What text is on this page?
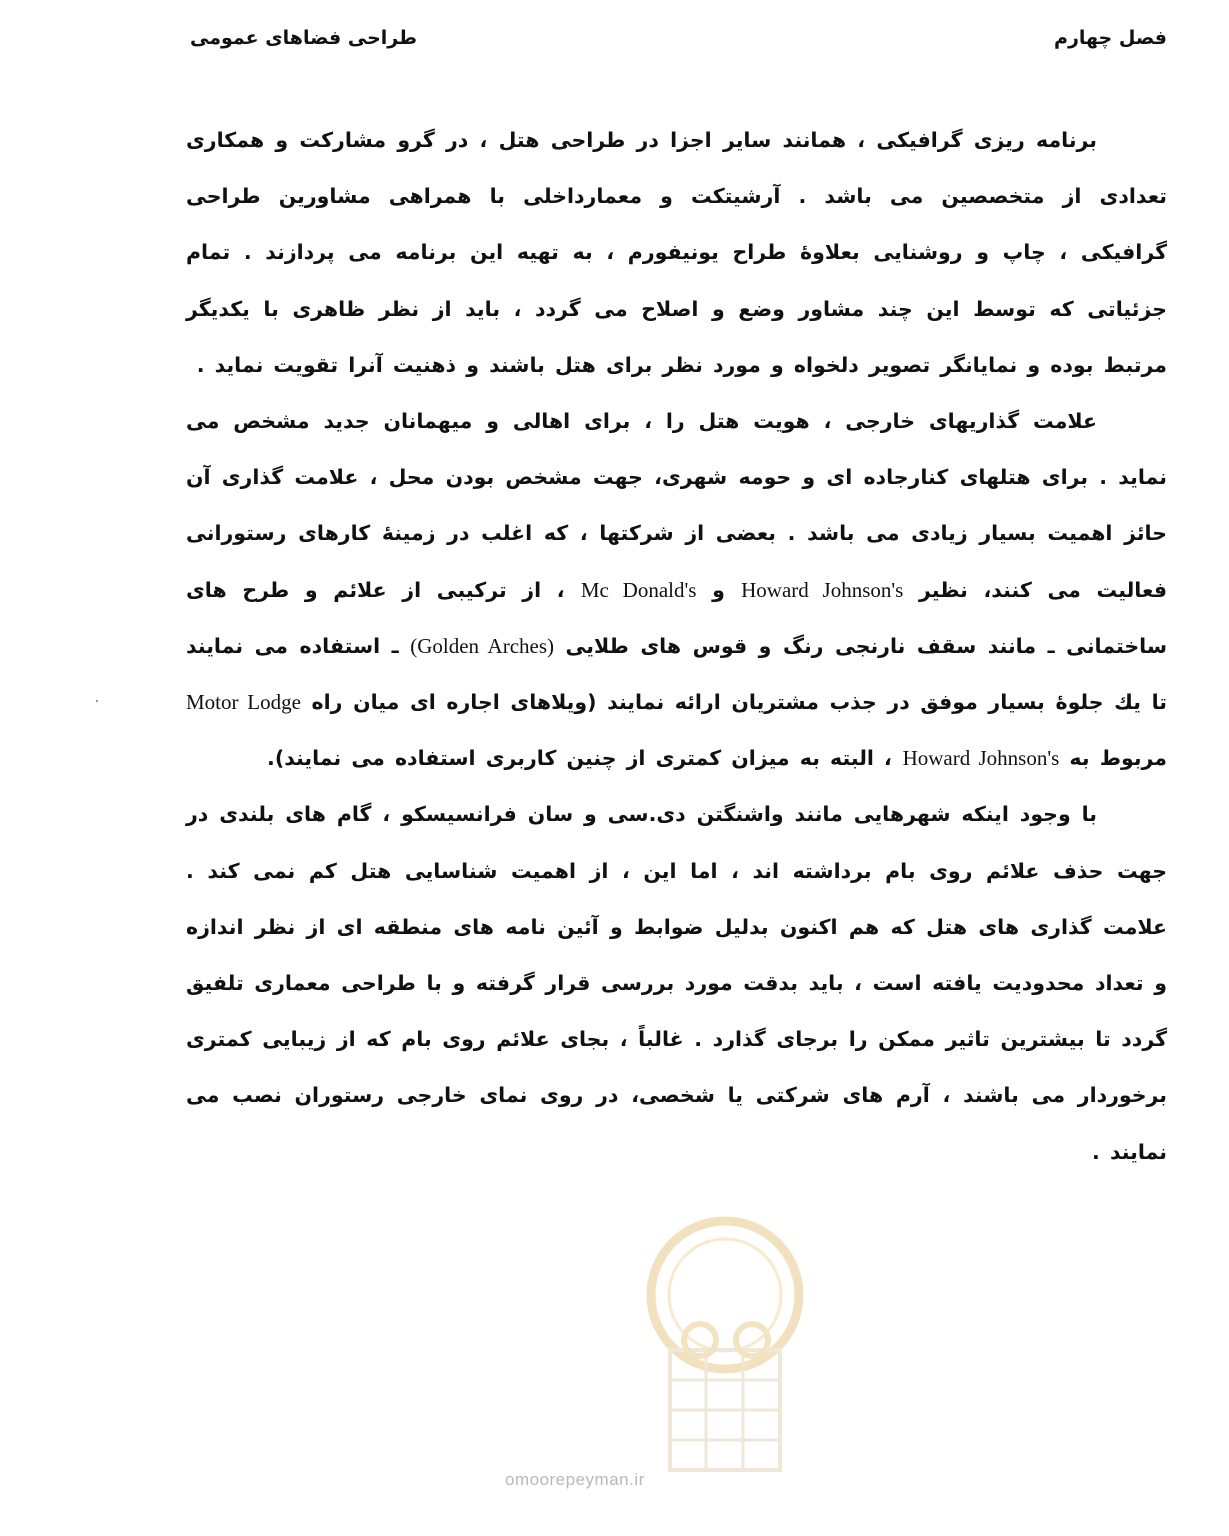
فصل چهارم
طراحی فضاهای عمومی

برنامه ریزی گرافیکی ، همانند سایر اجزا در طراحی هتل ، در گرو مشارکت و همکاری تعدادی از متخصصین می باشد . آرشیتکت و معمارداخلی با همراهی مشاورین طراحی گرافیکی ، چاپ و روشنایی بعلاوهٔ طراح یونیفورم ، به تهیه این برنامه می پردازند . تمام جزئیاتی که توسط این چند مشاور وضع و اصلاح می گردد ، باید از نظر ظاهری با یکدیگر مرتبط بوده و نمایانگر تصویر دلخواه و مورد نظر برای هتل باشند و ذهنیت آنرا تقویت نماید .

علامت گذاریهای خارجی ، هویت هتل را ، برای اهالی و میهمانان جدید مشخص می نماید . برای هتلهای کنارجاده ای و حومه شهری، جهت مشخص بودن محل ، علامت گذاری آن حائز اهمیت بسیار زیادی می باشد . بعضی از شرکتها ، که اغلب در زمینهٔ کارهای رستورانی فعالیت می کنند، نظیر Howard Johnson's و Mc Donald's ، از ترکیبی از علائم و طرح های ساختمانی ـ مانند سقف نارنجی رنگ و قوس های طلایی (Golden Arches) ـ استفاده می نمایند تا یك جلوهٔ بسیار موفق در جذب مشتریان ارائه نمایند (ویلاهای اجاره ای میان راه Motor Lodge مربوط به Howard Johnson's ، البته به میزان کمتری از چنین کاربری استفاده می نمایند).

با وجود اینکه شهرهایی مانند واشنگتن دی.سی و سان فرانسیسکو ، گام های بلندی در جهت حذف علائم روی بام برداشته اند ، اما این ، از اهمیت شناسایی هتل کم نمی کند . علامت گذاری های هتل که هم اکنون بدلیل ضوابط و آئین نامه های منطقه ای از نظر اندازه و تعداد محدودیت یافته است ، باید بدقت مورد بررسی قرار گرفته و با طراحی معماری تلفیق گردد تا بیشترین تاثیر ممکن را برجای گذارد . غالباً ، بجای علائم روی بام که از زیبایی کمتری برخوردار می باشند ، آرم های شرکتی یا شخصی، در روی نمای خارجی رستوران نصب می نمایند .

omoorepeyman.ir
